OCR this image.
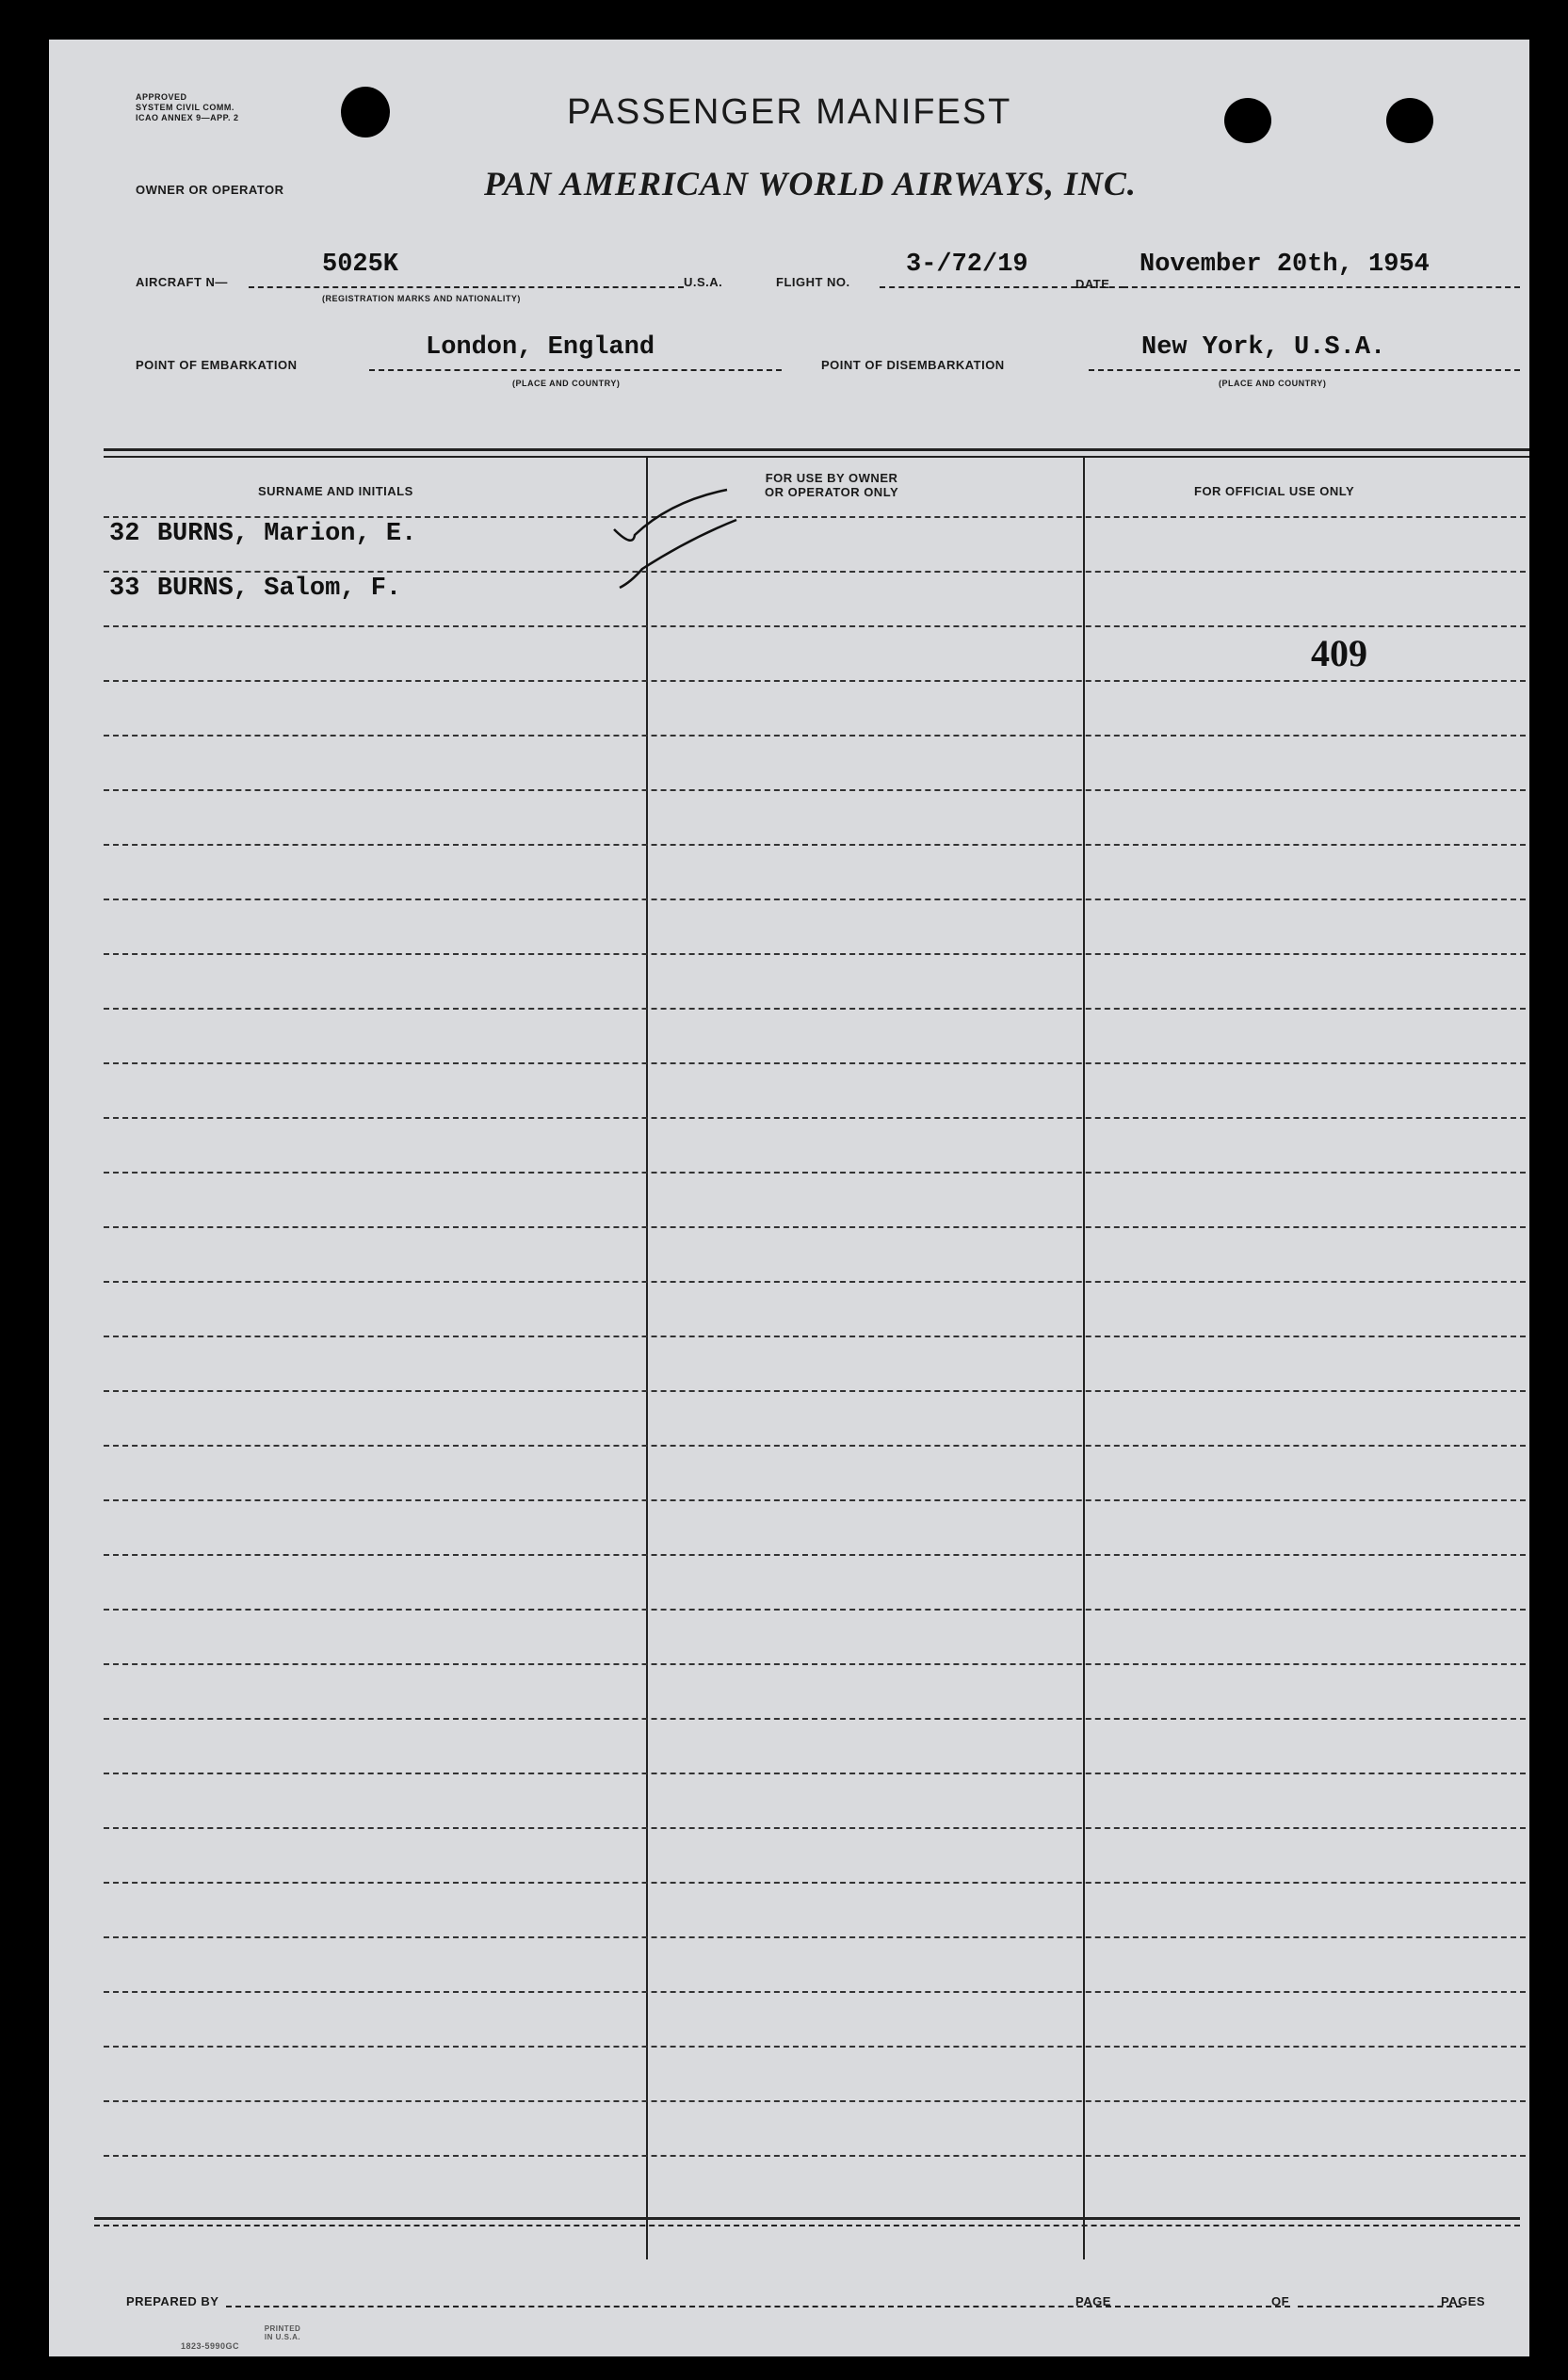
APPROVED
SYSTEM CIVIL COMM.
ICAO ANNEX 9—APP. 2	PASSENGER MANIFEST
OWNER OR OPERATOR	PAN AMERICAN WORLD AIRWAYS, INC.
AIRCRAFT N—
5025K
(REGISTRATION MARKS AND NATIONALITY)
U.S.A.	FLIGHT NO.
3-/72/19
DATE
November 20th, 1954
POINT OF EMBARKATION
London, England
(PLACE AND COUNTRY)
POINT OF DISEMBARKATION
New York, U.S.A.
(PLACE AND COUNTRY)
SURNAME AND INITIALS
FOR USE BY OWNER
OR OPERATOR ONLY	FOR OFFICIAL USE ONLY
32 BURNS, Marion, E.
33 BURNS, Salom, F.
409
PREPARED BY	PAGE	OF	PAGES
1823-5990GC
PRINTED IN U.S.A.
